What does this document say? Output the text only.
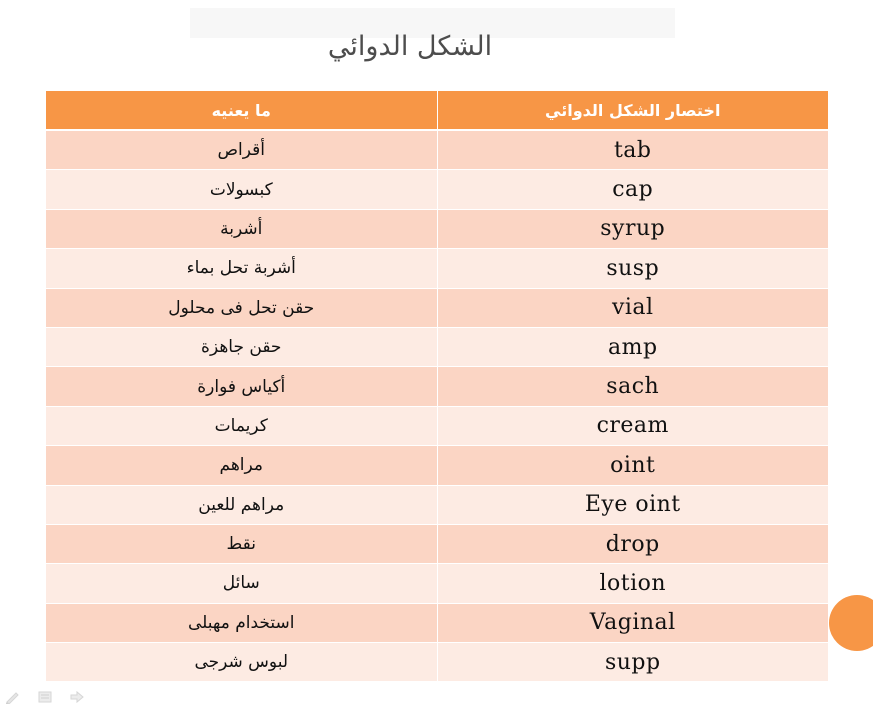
الشكل الدوائي
ما يعنيه	اختصار الشكل الدوائي
أقراص	tab
كبسولات	cap
أشربة	syrup
أشربة تحل بماء	susp
حقن تحل فى محلول	vial
حقن جاهزة	amp
أكياس فوارة	sach
كريمات	cream
مراهم	oint
مراهم للعين	Eye oint
نقط	drop
سائل	lotion
استخدام مهبلى	Vaginal
لبوس شرجى	supp
